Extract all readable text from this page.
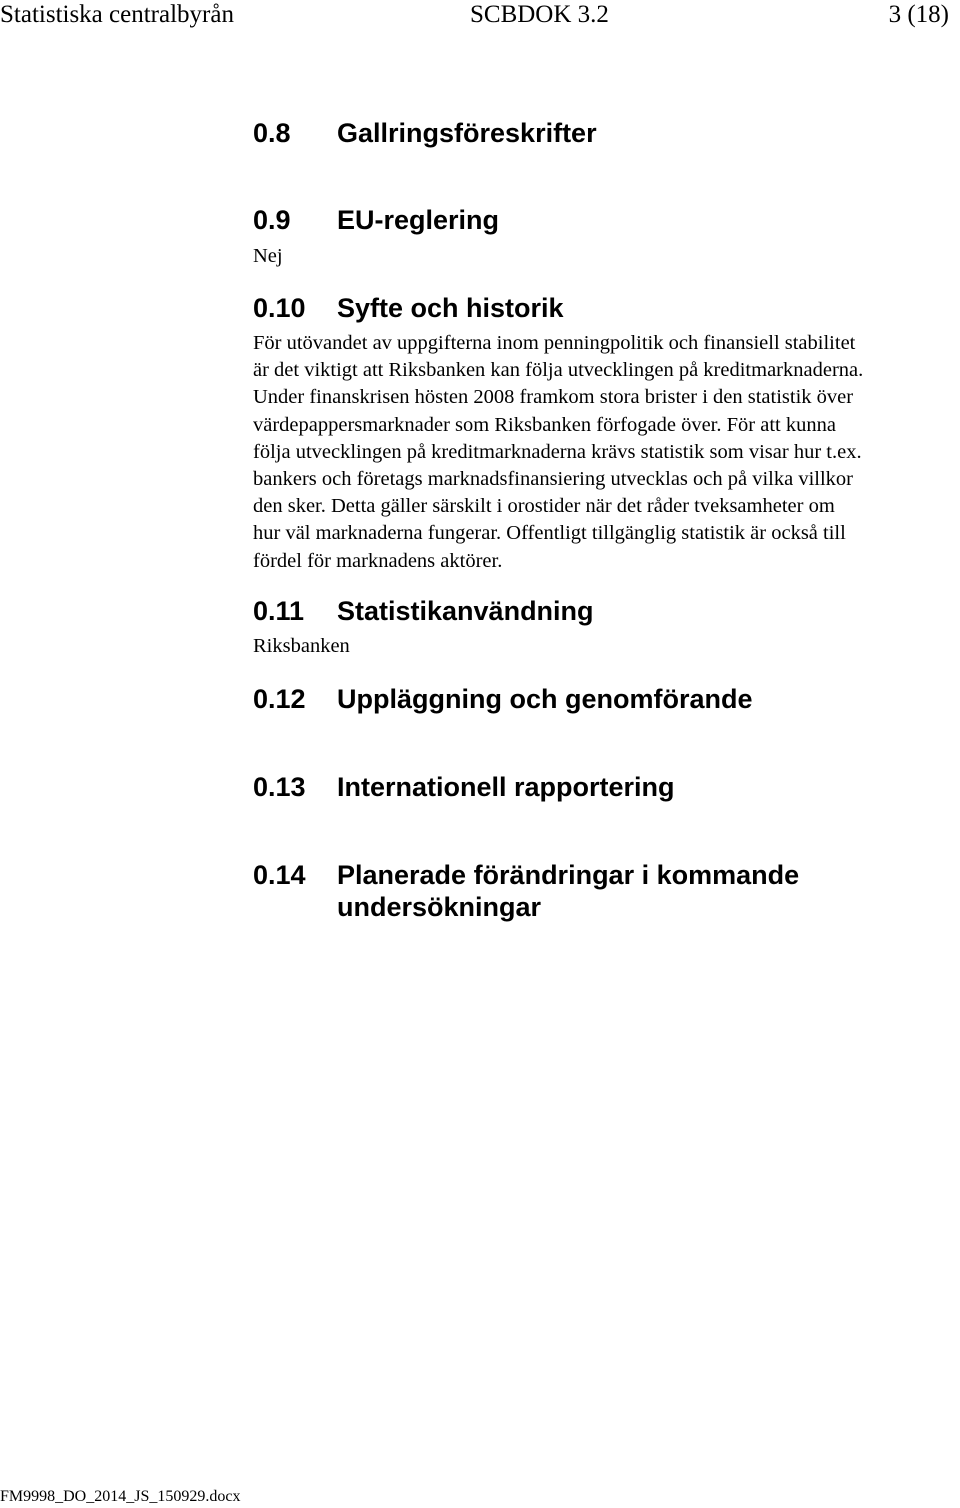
Statistiska centralbyrån	SCBDOK 3.2	3 (18)
0.8 Gallringsföreskrifter
0.9 EU-reglering

Nej

0.10 Syfte och historik
För utövandet av uppgifterna inom penningpolitik och finansiell stabilitet
är det viktigt att Riksbanken kan följa utvecklingen på kreditmarknaderna.
Under finanskrisen hösten 2008 framkom stora brister i den statistik över
värdepappersmarknader som Riksbanken förfogade över. För att kunna
följa utvecklingen på kreditmarknaderna krävs statistik som visar hur t.ex.
bankers och företags marknadsfinansiering utvecklas och på vilka villkor
den sker. Detta gäller särskilt i orostider när det råder tveksamheter om
hur väl marknaderna fungerar. Offentligt tillgänglig statistik är också till
fördel för marknadens aktörer.
0.11 Statistikanvändning

Riksbanken

0.12 Uppläggning och genomförande
0.13 Internationell rapportering
0.14 Planerade förändringar i kommande
undersökningar
FM9998_DO_2014_JS_150929.docx
